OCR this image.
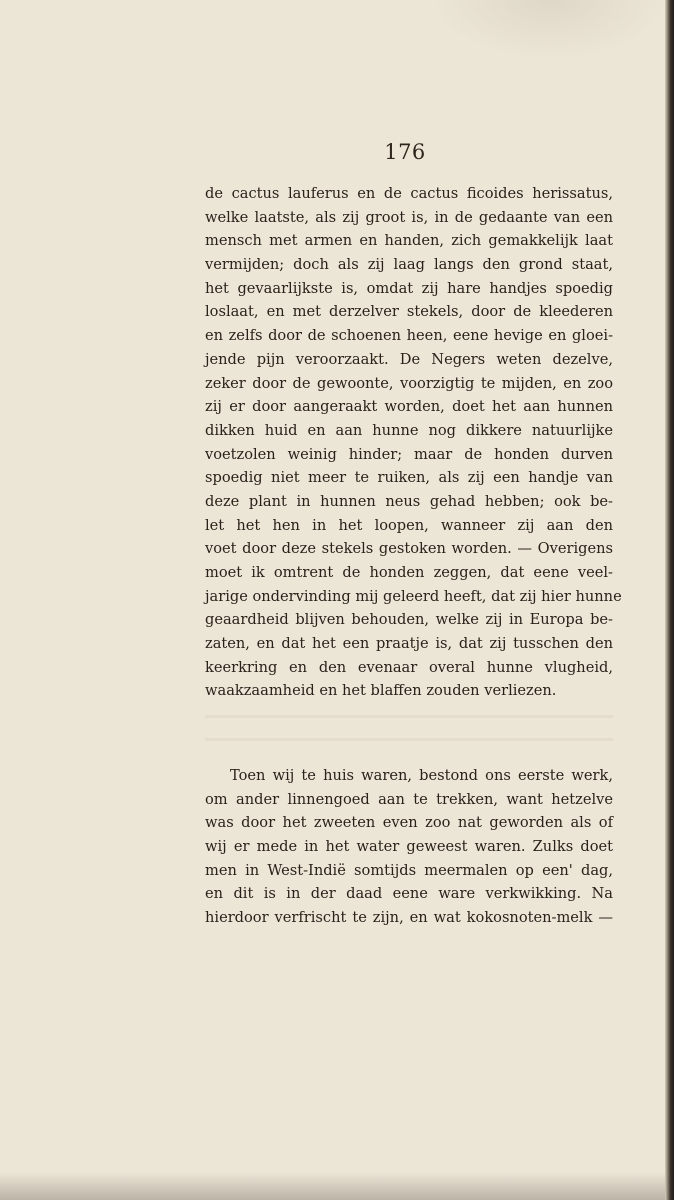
176
de cactus lauferus en de cactus ficoides herissatus,
welke laatste, als zij groot is, in de gedaante van een
mensch met armen en handen, zich gemakkelijk laat
vermijden; doch als zij laag langs den grond staat,
het gevaarlijkste is, omdat zij hare handjes spoedig
loslaat, en met derzelver stekels, door de kleederen
en zelfs door de schoenen heen, eene hevige en gloei-
jende pijn veroorzaakt. De Negers weten dezelve,
zeker door de gewoonte, voorzigtig te mijden, en zoo
zij er door aangeraakt worden, doet het aan hunnen
dikken huid en aan hunne nog dikkere natuurlijke
voetzolen weinig hinder; maar de honden durven
spoedig niet meer te ruiken, als zij een handje van
deze plant in hunnen neus gehad hebben; ook be-
let het hen in het loopen, wanneer zij aan den
voet door deze stekels gestoken worden. — Overigens
moet ik omtrent de honden zeggen, dat eene veel-
jarige ondervinding mij geleerd heeft, dat zij hier hunne
geaardheid blijven behouden, welke zij in Europa be-
zaten, en dat het een praatje is, dat zij tusschen den
keerkring en den evenaar overal hunne vlugheid,
waakzaamheid en het blaffen zouden verliezen.
Toen wij te huis waren, bestond ons eerste werk,
om ander linnengoed aan te trekken, want hetzelve
was door het zweeten even zoo nat geworden als of
wij er mede in het water geweest waren. Zulks doet
men in West-Indië somtijds meermalen op een' dag,
en dit is in der daad eene ware verkwikking. Na
hierdoor verfrischt te zijn, en wat kokosnoten-melk —
